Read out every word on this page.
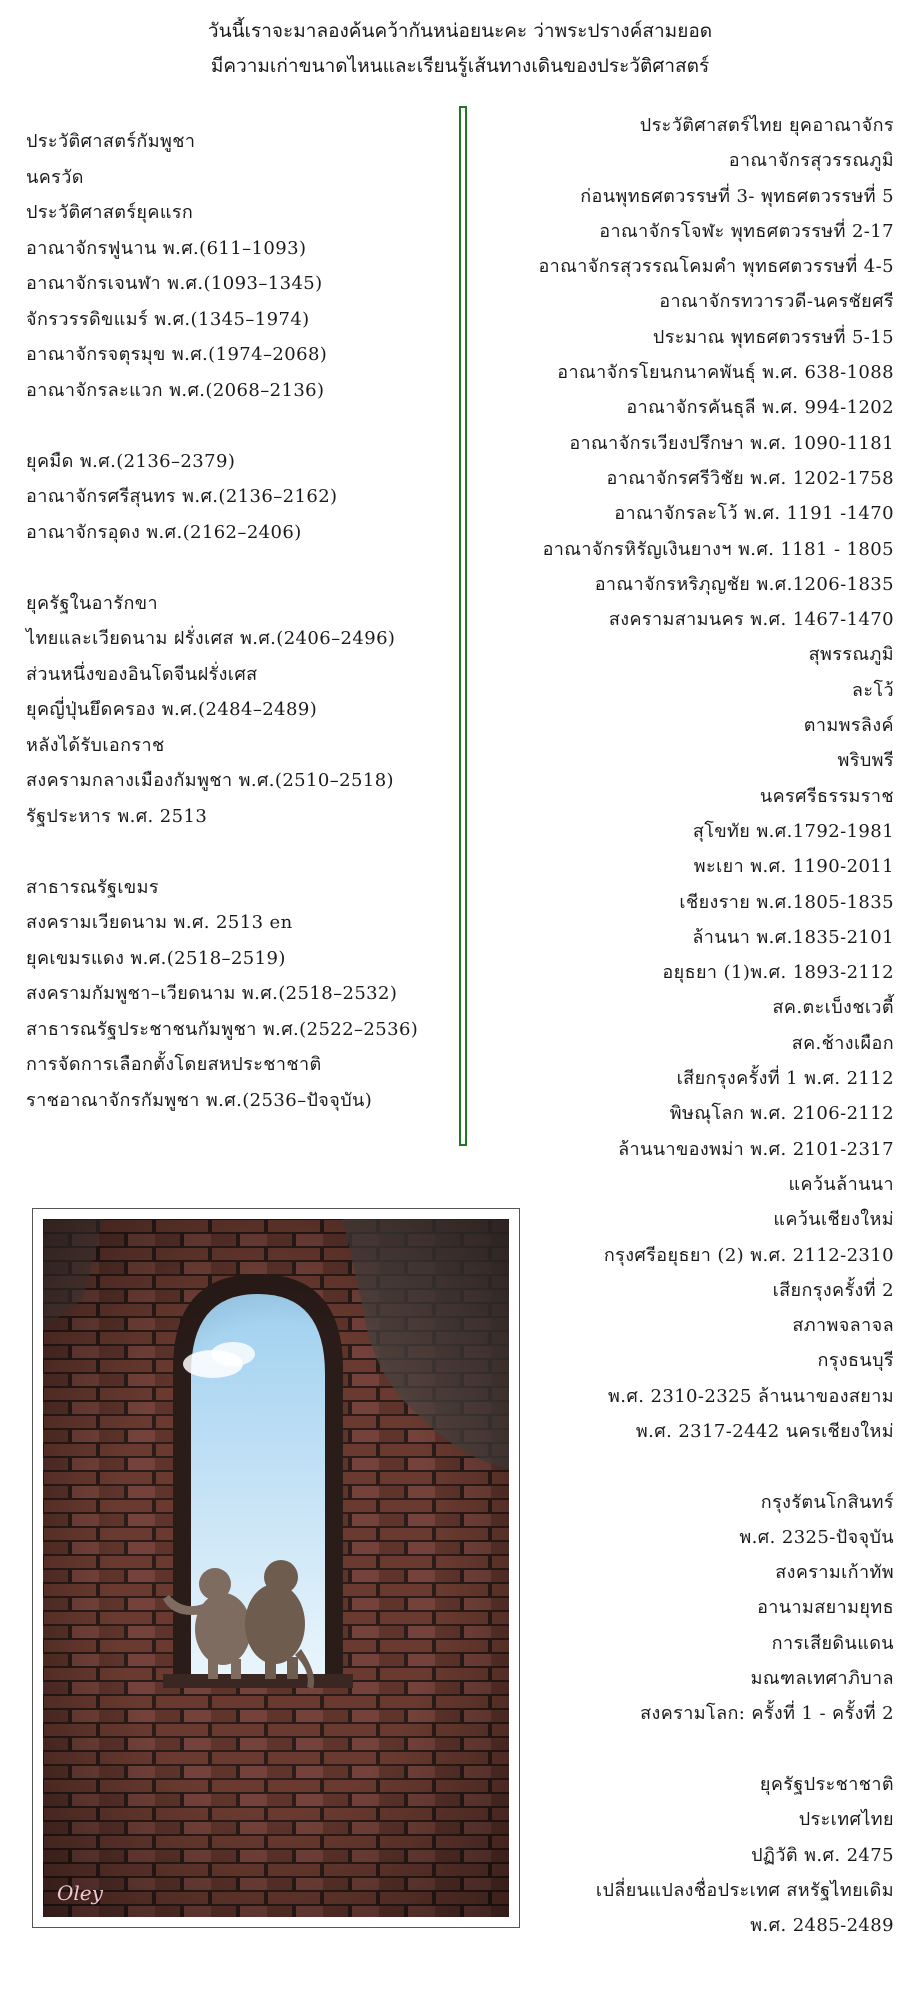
วันนี้เราจะมาลองค้นคว้ากันหน่อยนะคะ ว่าพระปรางค์สามยอด
มีความเก่าขนาดไหนและเรียนรู้เส้นทางเดินของประวัติศาสตร์
ประวัติศาสตร์กัมพูชา
นครวัด
ประวัติศาสตร์ยุคแรก
อาณาจักรฟูนาน พ.ศ.(611–1093)
อาณาจักรเจนฬา พ.ศ.(1093–1345)
จักรวรรดิขแมร์ พ.ศ.(1345–1974)
อาณาจักรจตุรมุข พ.ศ.(1974–2068)
อาณาจักรละแวก พ.ศ.(2068–2136)
ยุคมืด พ.ศ.(2136–2379)
อาณาจักรศรีสุนทร พ.ศ.(2136–2162)
อาณาจักรอุดง พ.ศ.(2162–2406)
ยุครัฐในอารักขา
ไทยและเวียดนาม ฝรั่งเศส พ.ศ.(2406–2496)
ส่วนหนึ่งของอินโดจีนฝรั่งเศส
ยุคญี่ปุ่นยึดครอง พ.ศ.(2484–2489)
หลังได้รับเอกราช
สงครามกลางเมืองกัมพูชา พ.ศ.(2510–2518)
รัฐประหาร พ.ศ. 2513
สาธารณรัฐเขมร
สงครามเวียดนาม พ.ศ. 2513 en
ยุคเขมรแดง พ.ศ.(2518–2519)
สงครามกัมพูชา–เวียดนาม พ.ศ.(2518–2532)
สาธารณรัฐประชาชนกัมพูชา พ.ศ.(2522–2536)
การจัดการเลือกตั้งโดยสหประชาชาติ
ราชอาณาจักรกัมพูชา พ.ศ.(2536–ปัจจุบัน)
ประวัติศาสตร์ไทย ยุคอาณาจักร
อาณาจักรสุวรรณภูมิ
ก่อนพุทธศตวรรษที่ 3- พุทธศตวรรษที่ 5
อาณาจักรโจฬะ พุทธศตวรรษที่ 2-17
อาณาจักรสุวรรณโคมคำ พุทธศตวรรษที่ 4-5
อาณาจักรทวารวดี-นครชัยศรี
ประมาณ พุทธศตวรรษที่ 5-15
อาณาจักรโยนกนาคพันธุ์ พ.ศ. 638-1088
อาณาจักรคันธุลี พ.ศ. 994-1202
อาณาจักรเวียงปรึกษา พ.ศ. 1090-1181
อาณาจักรศรีวิชัย พ.ศ. 1202-1758
อาณาจักรละโว้ พ.ศ. 1191 -1470
อาณาจักรหิรัญเงินยางฯ พ.ศ. 1181 - 1805
อาณาจักรหริภุญชัย พ.ศ.1206-1835
สงครามสามนคร พ.ศ. 1467-1470
สุพรรณภูมิ
ละโว้
ตามพรลิงค์
พริบพรี
นครศรีธรรมราช
สุโขทัย พ.ศ.1792-1981
พะเยา พ.ศ. 1190-2011
เชียงราย พ.ศ.1805-1835
ล้านนา พ.ศ.1835-2101
อยุธยา (1)พ.ศ. 1893-2112
สค.ตะเบ็งชเวตี้
สค.ช้างเผือก
เสียกรุงครั้งที่ 1 พ.ศ. 2112
พิษณุโลก พ.ศ. 2106-2112
ล้านนาของพม่า พ.ศ. 2101-2317
แคว้นล้านนา
แคว้นเชียงใหม่
กรุงศรีอยุธยา (2) พ.ศ. 2112-2310
เสียกรุงครั้งที่ 2
สภาพจลาจล
กรุงธนบุรี
พ.ศ. 2310-2325 ล้านนาของสยาม
พ.ศ. 2317-2442 นครเชียงใหม่
กรุงรัตนโกสินทร์
พ.ศ. 2325-ปัจจุบัน
สงครามเก้าทัพ
อานามสยามยุทธ
การเสียดินแดน
มณฑลเทศาภิบาล
สงครามโลก: ครั้งที่ 1 - ครั้งที่ 2
ยุครัฐประชาชาติ
ประเทศไทย
ปฏิวัติ พ.ศ. 2475
เปลี่ยนแปลงชื่อประเทศ สหรัฐไทยเดิม
พ.ศ. 2485-2489
Oley
